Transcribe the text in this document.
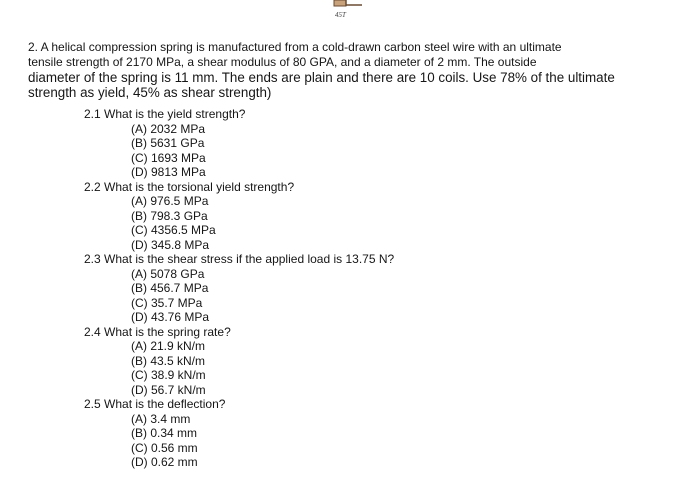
45T
2. A helical compression spring is manufactured from a cold-drawn carbon steel wire with an ultimate
tensile strength of 2170 MPa, a shear modulus of 80 GPA, and a diameter of 2 mm. The outside
diameter of the spring is 11 mm. The ends are plain and there are 10 coils. Use 78% of the ultimate
strength as yield, 45% as shear strength)
2.1 What is the yield strength?
(A) 2032 MPa
(B) 5631 GPa
(C) 1693 MPa
(D) 9813 MPa
2.2 What is the torsional yield strength?
(A) 976.5 MPa
(B) 798.3 GPa
(C) 4356.5 MPa
(D) 345.8 MPa
2.3 What is the shear stress if the applied load is 13.75 N?
(A) 5078 GPa
(B) 456.7 MPa
(C) 35.7 MPa
(D) 43.76 MPa
2.4 What is the spring rate?
(A) 21.9 kN/m
(B) 43.5 kN/m
(C) 38.9 kN/m
(D) 56.7 kN/m
2.5 What is the deflection?
(A) 3.4 mm
(B) 0.34 mm
(C) 0.56 mm
(D) 0.62 mm
